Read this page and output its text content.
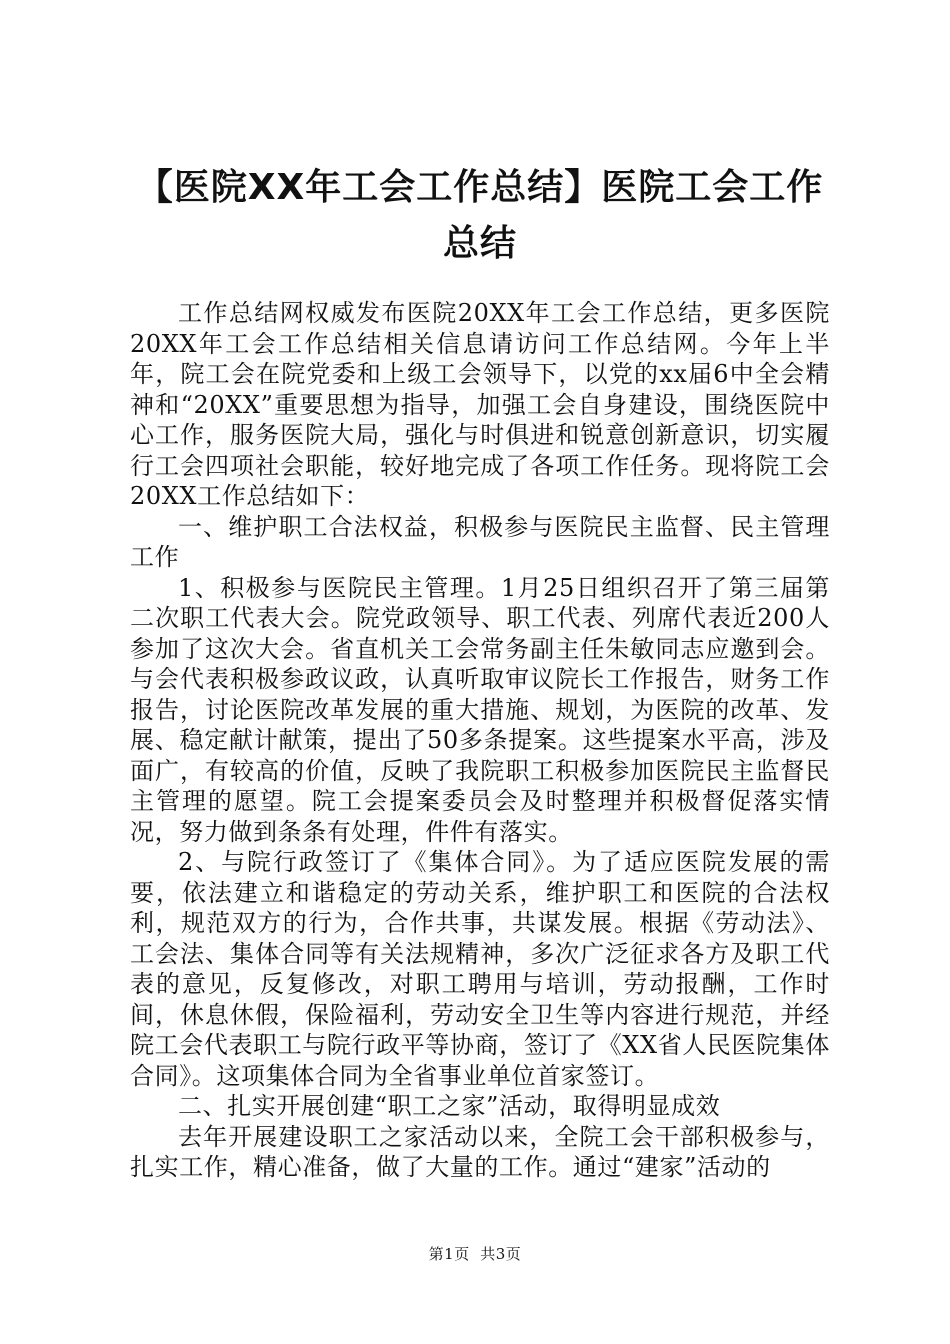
【医院XX年工会工作总结】医院工会工作总结

工作总结网权威发布医院20XX年工会工作总结，更多医院20XX年工会工作总结相关信息请访问工作总结网。今年上半年，院工会在院党委和上级工会领导下，以党的xx届6中全会精神和“20XX”重要思想为指导，加强工会自身建设，围绕医院中心工作，服务医院大局，强化与时俱进和锐意创新意识，切实履行工会四项社会职能，较好地完成了各项工作任务。现将院工会20XX工作总结如下：

一、维护职工合法权益，积极参与医院民主监督、民主管理工作

1、积极参与医院民主管理。1月25日组织召开了第三届第二次职工代表大会。院党政领导、职工代表、列席代表近200人参加了这次大会。省直机关工会常务副主任朱敏同志应邀到会。与会代表积极参政议政，认真听取审议院长工作报告，财务工作报告，讨论医院改革发展的重大措施、规划，为医院的改革、发展、稳定献计献策，提出了50多条提案。这些提案水平高，涉及面广，有较高的价值，反映了我院职工积极参加医院民主监督民主管理的愿望。院工会提案委员会及时整理并积极督促落实情况，努力做到条条有处理，件件有落实。

2、与院行政签订了《集体合同》。为了适应医院发展的需要，依法建立和谐稳定的劳动关系，维护职工和医院的合法权利，规范双方的行为，合作共事，共谋发展。根据《劳动法》、工会法、集体合同等有关法规精神，多次广泛征求各方及职工代表的意见，反复修改，对职工聘用与培训，劳动报酬，工作时间，休息休假，保险福利，劳动安全卫生等内容进行规范，并经院工会代表职工与院行政平等协商，签订了《XX省人民医院集体合同》。这项集体合同为全省事业单位首家签订。

二、扎实开展创建“职工之家”活动，取得明显成效

去年开展建设职工之家活动以来，全院工会干部积极参与，扎实工作，精心准备，做了大量的工作。通过“建家”活动的

第1页 共3页
